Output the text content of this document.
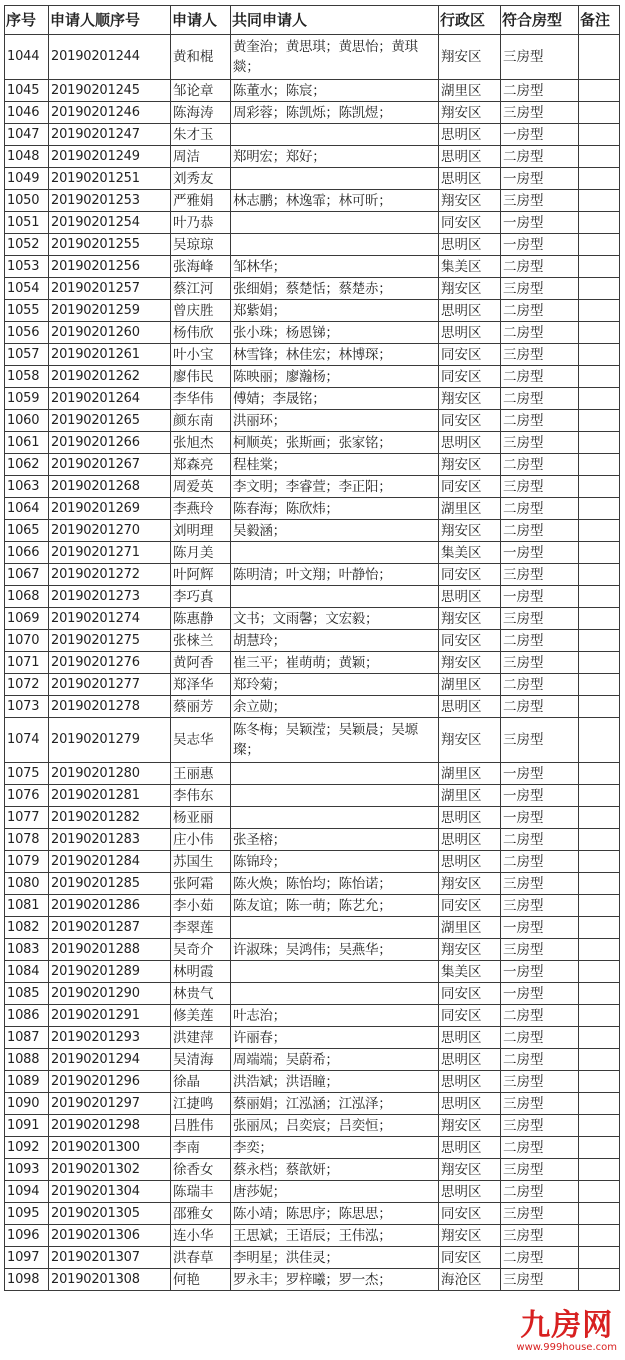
序号	申请人顺序号	申请人	共同申请人	行政区	符合房型	备注
1044	20190201244	黄和棍	黄奎治；黄思琪；黄思怡；黄琪燚；	翔安区	三房型	
1045	20190201245	邹论章	陈董水；陈宸；	湖里区	二房型	
1046	20190201246	陈海涛	周彩蓉；陈凯烁；陈凯煜；	翔安区	三房型	
1047	20190201247	朱才玉		思明区	一房型	
1048	20190201249	周洁	郑明宏；郑好；	思明区	二房型	
1049	20190201251	刘秀友		思明区	一房型	
1050	20190201253	严雅娟	林志鹏；林逸霏；林可昕；	翔安区	三房型	
1051	20190201254	叶乃恭		同安区	一房型	
1052	20190201255	吴琼琼		思明区	一房型	
1053	20190201256	张海峰	邹林华；	集美区	二房型	
1054	20190201257	蔡江河	张细娟；蔡楚恬；蔡楚赤；	翔安区	三房型	
1055	20190201259	曾庆胜	郑紫娟；	思明区	二房型	
1056	20190201260	杨伟欣	张小珠；杨恩锑；	思明区	二房型	
1057	20190201261	叶小宝	林雪锋；林佳宏；林博琛；	同安区	三房型	
1058	20190201262	廖伟民	陈映丽；廖瀚杨；	同安区	二房型	
1059	20190201264	李华伟	傅婧；李晟铭；	翔安区	二房型	
1060	20190201265	颜东南	洪丽环；	同安区	二房型	
1061	20190201266	张旭杰	柯顺英；张斯画；张家铭；	思明区	三房型	
1062	20190201267	郑森亮	程桂棠；	翔安区	二房型	
1063	20190201268	周爱英	李文明；李睿萱；李正阳；	同安区	三房型	
1064	20190201269	李燕玲	陈春海；陈欣炜；	湖里区	二房型	
1065	20190201270	刘明理	吴毅涵；	翔安区	二房型	
1066	20190201271	陈月美		集美区	一房型	
1067	20190201272	叶阿辉	陈明清；叶文翔；叶静怡；	同安区	三房型	
1068	20190201273	李巧真		思明区	一房型	
1069	20190201274	陈惠静	文书；文雨馨；文宏毅；	翔安区	三房型	
1070	20190201275	张梾兰	胡慧玲；	同安区	二房型	
1071	20190201276	黄阿香	崔三平；崔萌萌；黄颖；	翔安区	三房型	
1072	20190201277	郑泽华	郑玲菊；	湖里区	二房型	
1073	20190201278	蔡丽芳	余立勋；	思明区	二房型	
1074	20190201279	吴志华	陈冬梅；吴颖滢；吴颖晨；吴塬璨；	翔安区	三房型	
1075	20190201280	王丽惠		湖里区	一房型	
1076	20190201281	李伟东		湖里区	一房型	
1077	20190201282	杨亚丽		思明区	一房型	
1078	20190201283	庄小伟	张圣榕；	思明区	二房型	
1079	20190201284	苏国生	陈锦玲；	思明区	二房型	
1080	20190201285	张阿霜	陈火焕；陈怡均；陈怡诺；	翔安区	三房型	
1081	20190201286	李小茹	陈友谊；陈一萌；陈艺允；	同安区	三房型	
1082	20190201287	李翠莲		湖里区	一房型	
1083	20190201288	吴奇介	许淑珠；吴鸿伟；吴燕华；	翔安区	三房型	
1084	20190201289	林明霞		集美区	一房型	
1085	20190201290	林贵气		同安区	一房型	
1086	20190201291	修美莲	叶志治；	同安区	二房型	
1087	20190201293	洪建萍	许丽春；	思明区	二房型	
1088	20190201294	吴清海	周端端；吴蔚希；	思明区	二房型	
1089	20190201296	徐晶	洪浩斌；洪语瞳；	思明区	三房型	
1090	20190201297	江捷鸣	蔡丽娟；江泓涵；江泓泽；	思明区	三房型	
1091	20190201298	吕胜伟	张丽凤；吕奕宸；吕奕恒；	翔安区	三房型	
1092	20190201300	李南	李奕；	思明区	二房型	
1093	20190201302	徐香女	蔡永档；蔡歆妍；	翔安区	三房型	
1094	20190201304	陈瑞丰	唐莎妮；	思明区	二房型	
1095	20190201305	邵雅女	陈小靖；陈思序；陈思思；	同安区	三房型	
1096	20190201306	连小华	王思斌；王语辰；王伟泓；	翔安区	三房型	
1097	20190201307	洪春草	李明星；洪佳灵；	同安区	二房型	
1098	20190201308	何艳	罗永丰；罗梓曦；罗一杰；	海沧区	三房型	
九房网
www.999house.com
